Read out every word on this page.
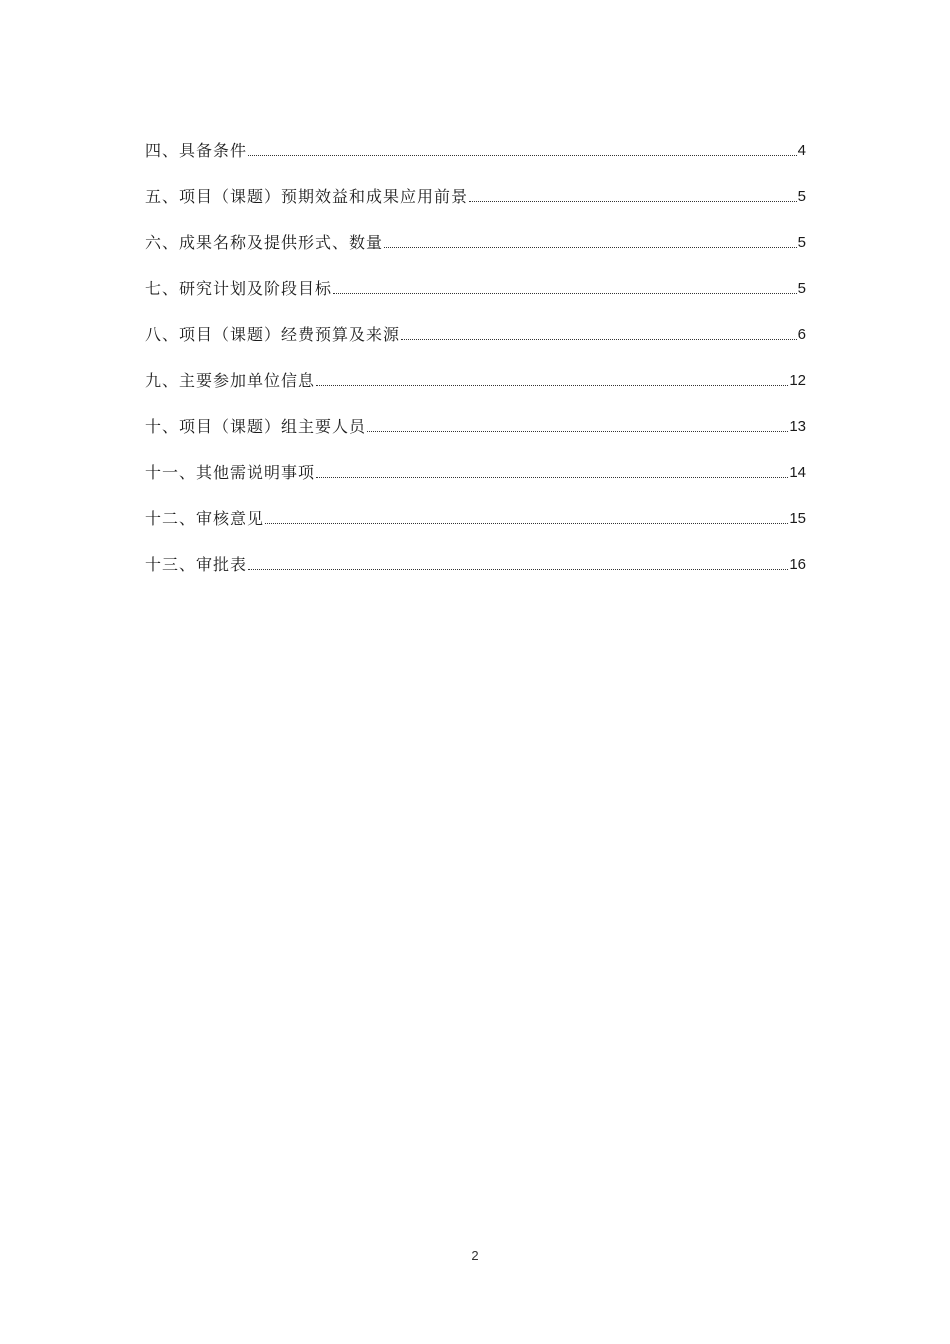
四、具备条件	4
五、项目（课题）预期效益和成果应用前景	5
六、成果名称及提供形式、数量	5
七、研究计划及阶段目标	5
八、项目（课题）经费预算及来源	6
九、主要参加单位信息	12
十、项目（课题）组主要人员	13
十一、其他需说明事项	14
十二、审核意见	15
十三、审批表	16
2
